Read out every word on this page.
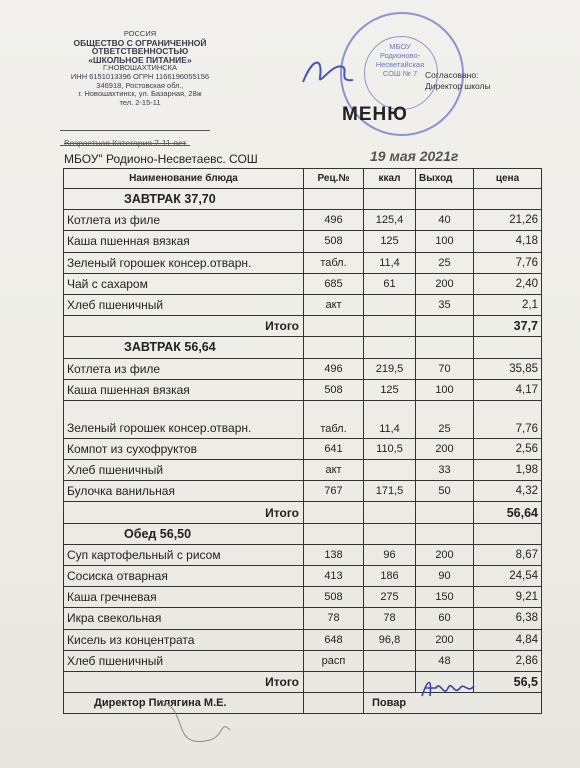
РОССИЯ
ОБЩЕСТВО С ОГРАНИЧЕННОЙ
ОТВЕТСТВЕННОСТЬЮ
«ШКОЛЬНОЕ ПИТАНИЕ»
Г.НОВОШАХТИНСКА
ИНН 6151013396 ОГРН 1166196055156
346918, Ростовская обл.,
г. Новошахтинск, ул. Базарная, 28ж
тел. 2-15-11
Возрастная Категория 7-11 лет
МБОУ
Родионово-
Несветайская
СОШ № 7 Согласовано:
Директор школы
МЕНЮ
МБОУ" Родионо-Несветаевс. СОШ	19 мая 2021г
Наименование блюда	Рец.№	ккал	Выход	цена
ЗАВТРАК 37,70				
Котлета из филе	496	125,4	40	21,26
Каша пшенная вязкая	508	125	100	4,18
Зеленый горошек консер.отварн.	табл.	11,4	25	7,76
Чай с сахаром	685	61	200	2,40
Хлеб пшеничный	акт		35	2,1
Итого				37,7
ЗАВТРАК 56,64				
Котлета из филе	496	219,5	70	35,85
Каша пшенная вязкая	508	125	100	4,17
Зеленый горошек консер.отварн.	табл.	11,4	25	7,76
Компот из сухофруктов	641	110,5	200	2,56
Хлеб пшеничный	акт		33	1,98
Булочка ванильная	767	171,5	50	4,32
Итого				56,64
Обед 56,50				
Суп картофельный с рисом	138	96	200	8,67
Сосиска отварная	413	186	90	24,54
Каша гречневая	508	275	150	9,21
Икра свекольная	78	78	60	6,38
Кисель из концентрата	648	96,8	200	4,84
Хлеб пшеничный	расп		48	2,86
Итого				56,5
Директор Пилягина М.Е.		Повар		
